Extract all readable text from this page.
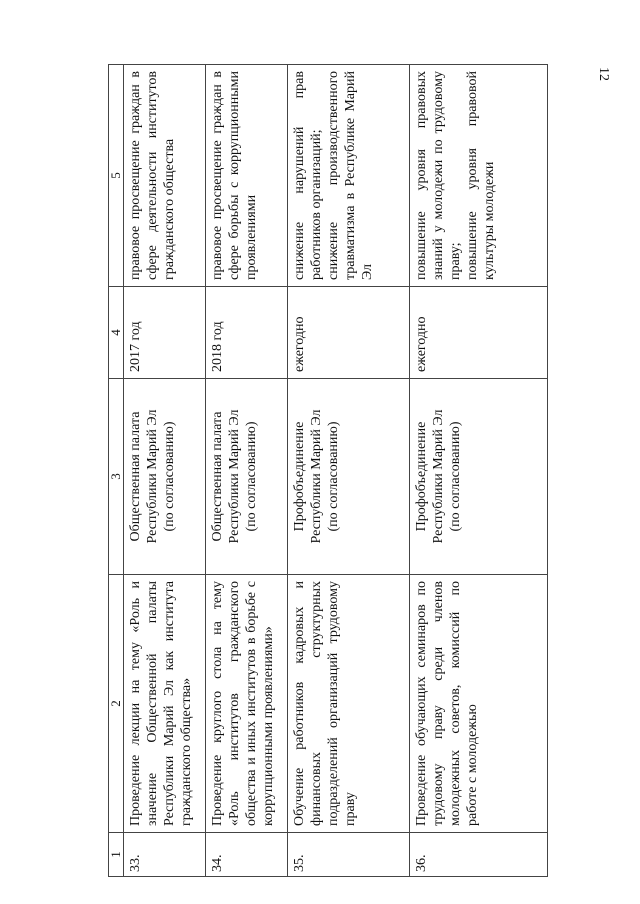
12
1	2	3	4	5
33.	Проведение лекции на тему «Роль и значение Общественной палаты Республики Марий Эл как института гражданского общества»	Общественная палата
Республики Марий Эл
(по согласованию)	2017 год	правовое просвещение граждан в сфере деятельности институтов гражданского общества
34.	Проведение круглого стола на тему «Роль институтов гражданского общества и иных институтов в борьбе с коррупционными проявлениями»	Общественная палата
Республики Марий Эл
(по согласованию)	2018 год	правовое просвещение граждан в сфере борьбы с коррупционными проявлениями
35.	Обучение работников кадровых и финансовых структурных подразделений организаций трудовому праву	Профобъединение
Республики Марий Эл
(по согласованию)	ежегодно	снижение нарушений прав работников организаций;
снижение производственного травматизма в Республике Марий Эл
36.	Проведение обучающих семинаров по трудовому праву среди членов молодежных советов, комиссий по работе с молодежью	Профобъединение
Республики Марий Эл
(по согласованию)	ежегодно	повышение уровня правовых знаний у молодежи по трудовому праву;
повышение уровня правовой культуры молодежи
